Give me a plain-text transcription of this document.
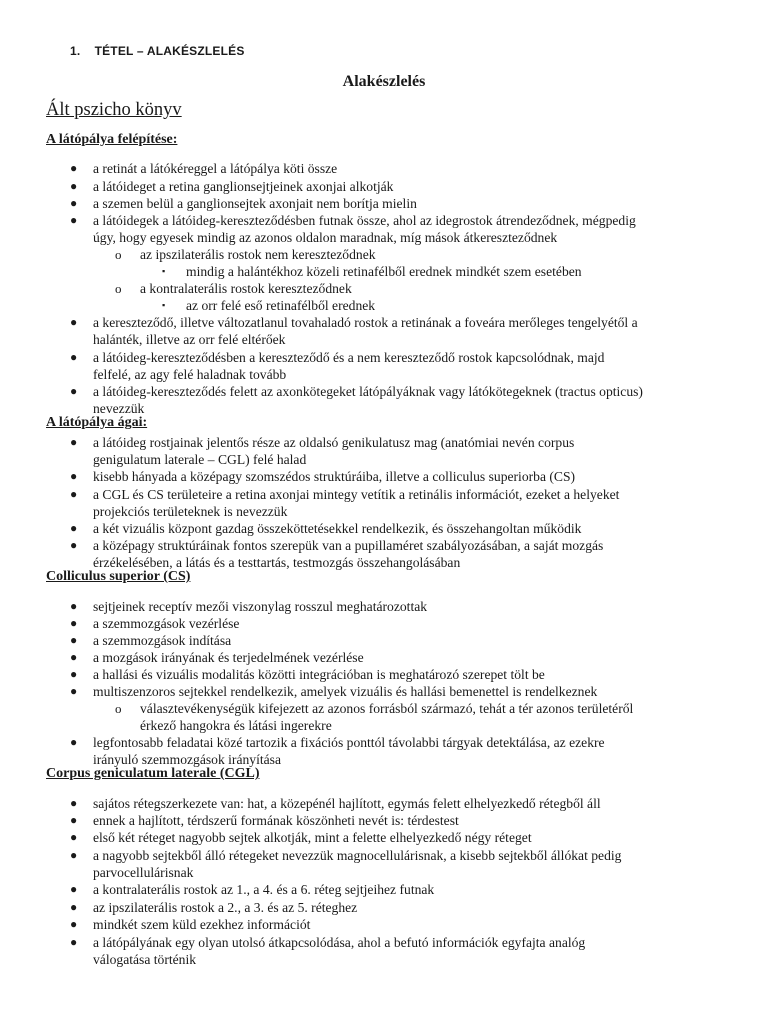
1. TÉTEL – ALAKÉSZLELÉS
Alakészlelés
Ált pszicho könyv
A látópálya felépítése:
● a retinát a látókéreggel a látópálya köti össze
● a látóideget a retina ganglionsejtjeinek axonjai alkotják
● a szemen belül a ganglionsejtek axonjait nem borítja mielin
● a látóidegek a látóideg-kereszteződésben futnak össze, ahol az idegrostok átrendeződnek, mégpedig
úgy, hogy egyesek mindig az azonos oldalon maradnak, míg mások átkereszteződnek
o az ipszilaterális rostok nem kereszteződnek
▪ mindig a halántékhoz közeli retinafélből erednek mindkét szem esetében
o a kontralaterális rostok kereszteződnek
▪ az orr felé eső retinafélből erednek
● a kereszteződő, illetve változatlanul tovahaladó rostok a retinának a foveára merőleges tengelyétől a
halánték, illetve az orr felé eltérőek
● a látóideg-kereszteződésben a kereszteződő és a nem kereszteződő rostok kapcsolódnak, majd
felfelé, az agy felé haladnak tovább
● a látóideg-kereszteződés felett az axonkötegeket látópályáknak vagy látókötegeknek (tractus opticus)
nevezzük
A látópálya ágai:
● a látóideg rostjainak jelentős része az oldalsó genikulatusz mag (anatómiai nevén corpus
genigulatum laterale – CGL) felé halad
● kisebb hányada a középagy szomszédos struktúráiba, illetve a colliculus superiorba (CS)
● a CGL és CS területeire a retina axonjai mintegy vetítik a retinális információt, ezeket a helyeket
projekciós területeknek is nevezzük
● a két vizuális központ gazdag összeköttetésekkel rendelkezik, és összehangoltan működik
● a középagy struktúráinak fontos szerepük van a pupillaméret szabályozásában, a saját mozgás
érzékelésében, a látás és a testtartás, testmozgás összehangolásában
Colliculus superior (CS)
● sejtjeinek receptív mezői viszonylag rosszul meghatározottak
● a szemmozgások vezérlése
● a szemmozgások indítása
● a mozgások irányának és terjedelmének vezérlése
● a hallási és vizuális modalitás közötti integrációban is meghatározó szerepet tölt be
● multiszenzoros sejtekkel rendelkezik, amelyek vizuális és hallási bemenettel is rendelkeznek
o választevékenységük kifejezett az azonos forrásból származó, tehát a tér azonos területéről
érkező hangokra és látási ingerekre
● legfontosabb feladatai közé tartozik a fixációs ponttól távolabbi tárgyak detektálása, az ezekre
irányuló szemmozgások irányítása
Corpus geniculatum laterale (CGL)
● sajátos rétegszerkezete van: hat, a közepénél hajlított, egymás felett elhelyezkedő rétegből áll
● ennek a hajlított, térdszerű formának köszönheti nevét is: térdestest
● első két réteget nagyobb sejtek alkotják, mint a felette elhelyezkedő négy réteget
● a nagyobb sejtekből álló rétegeket nevezzük magnocellulárisnak, a kisebb sejtekből állókat pedig
parvocellulárisnak
● a kontralaterális rostok az 1., a 4. és a 6. réteg sejtjeihez futnak
● az ipszilaterális rostok a 2., a 3. és az 5. réteghez
● mindkét szem küld ezekhez információt
● a látópályának egy olyan utolsó átkapcsolódása, ahol a befutó információk egyfajta analóg
válogatása történik
